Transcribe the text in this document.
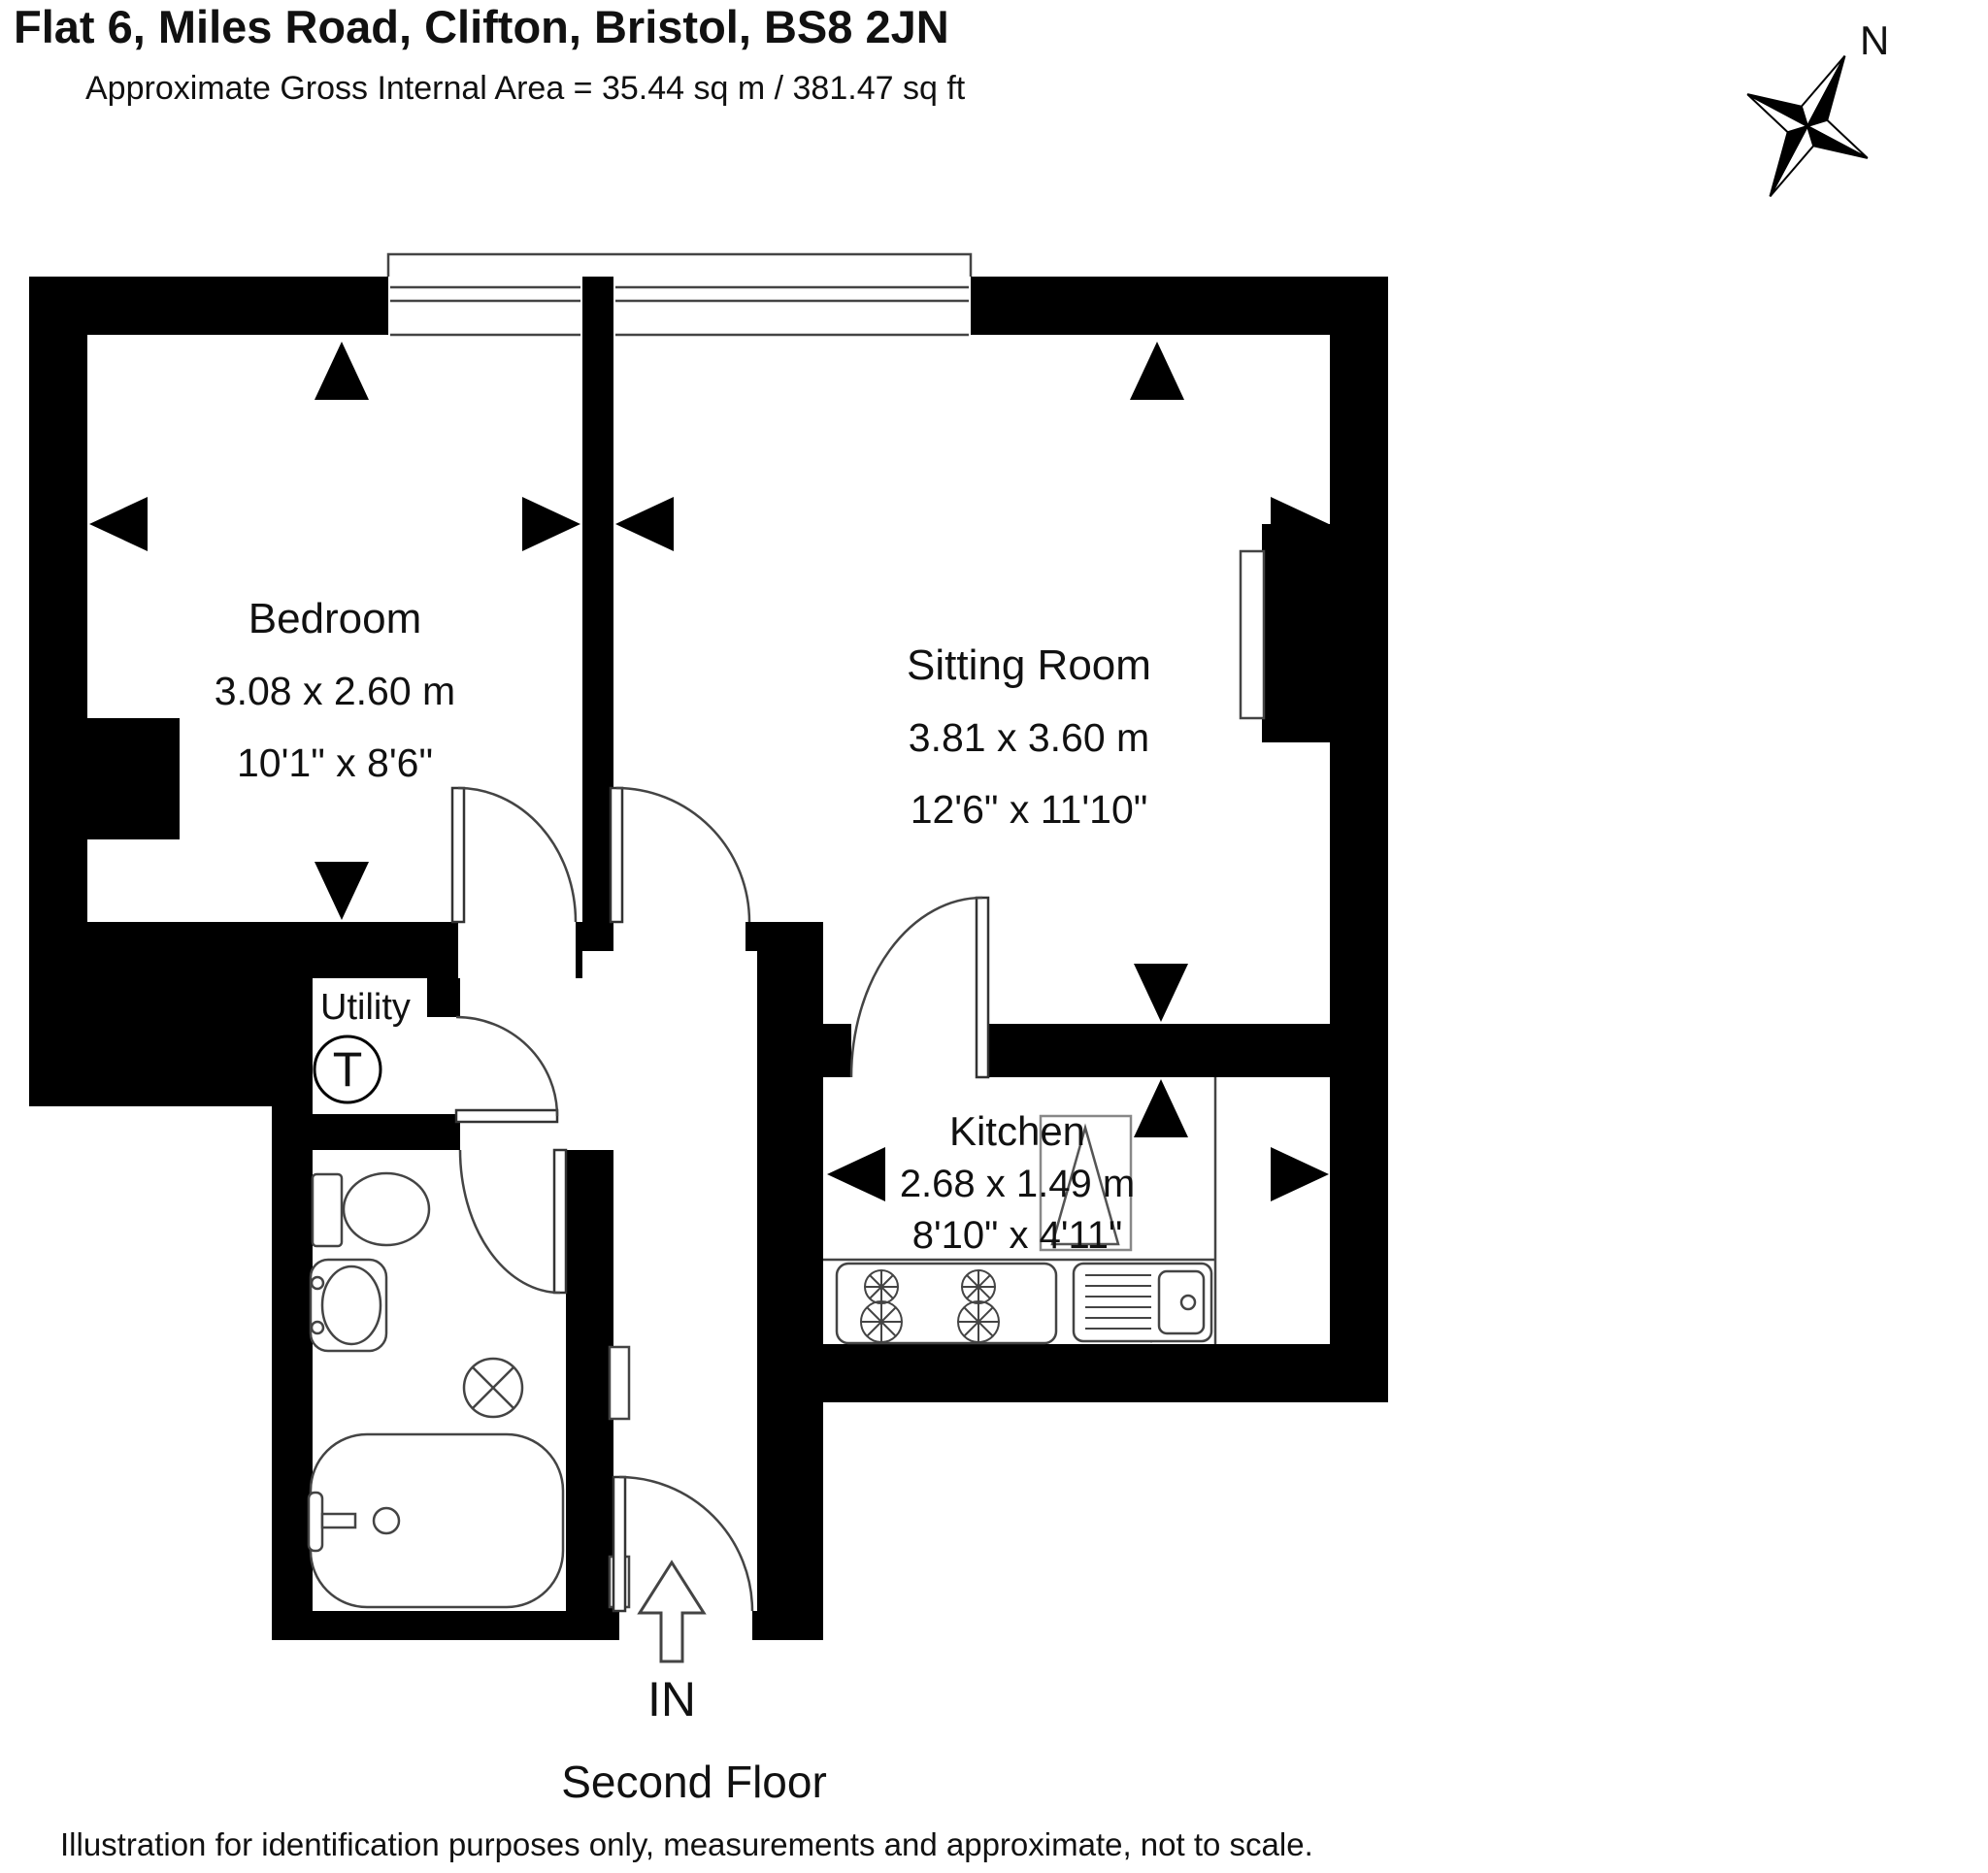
Flat 6, Miles Road, Clifton, Bristol, BS8 2JN
Approximate Gross Internal Area = 35.44 sq m / 381.47 sq ft
N
T
Bedroom
3.08 x 2.60 m
10'1" x 8'6"
Sitting Room
3.81 x 3.60 m
12'6" x 11'10"
Kitchen
2.68 x 1.49 m
8'10" x 4'11"
Utility
IN
Second Floor
Illustration for identification purposes only, measurements and approximate, not to scale.
